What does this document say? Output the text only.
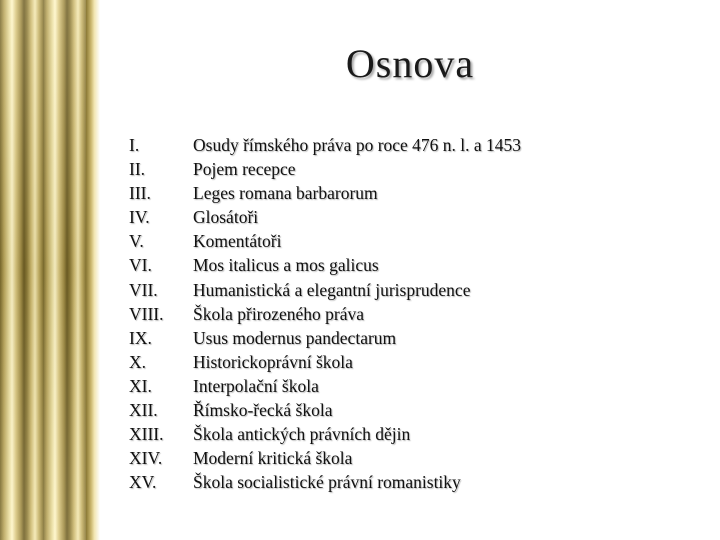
Osnova
I.	Osudy římského práva po roce 476 n. l. a 1453
II.	Pojem recepce
III.	Leges romana barbarorum
IV.	Glosátoři
V.	Komentátoři
VI.	Mos italicus a mos galicus
VII.	Humanistická a elegantní jurisprudence
VIII.	Škola přirozeného práva
IX.	Usus modernus pandectarum
X.	Historickoprávní škola
XI.	Interpolační škola
XII.	Římsko-řecká škola
XIII.	Škola antických právních dějin
XIV.	Moderní kritická škola
XV.	Škola socialistické právní romanistiky
